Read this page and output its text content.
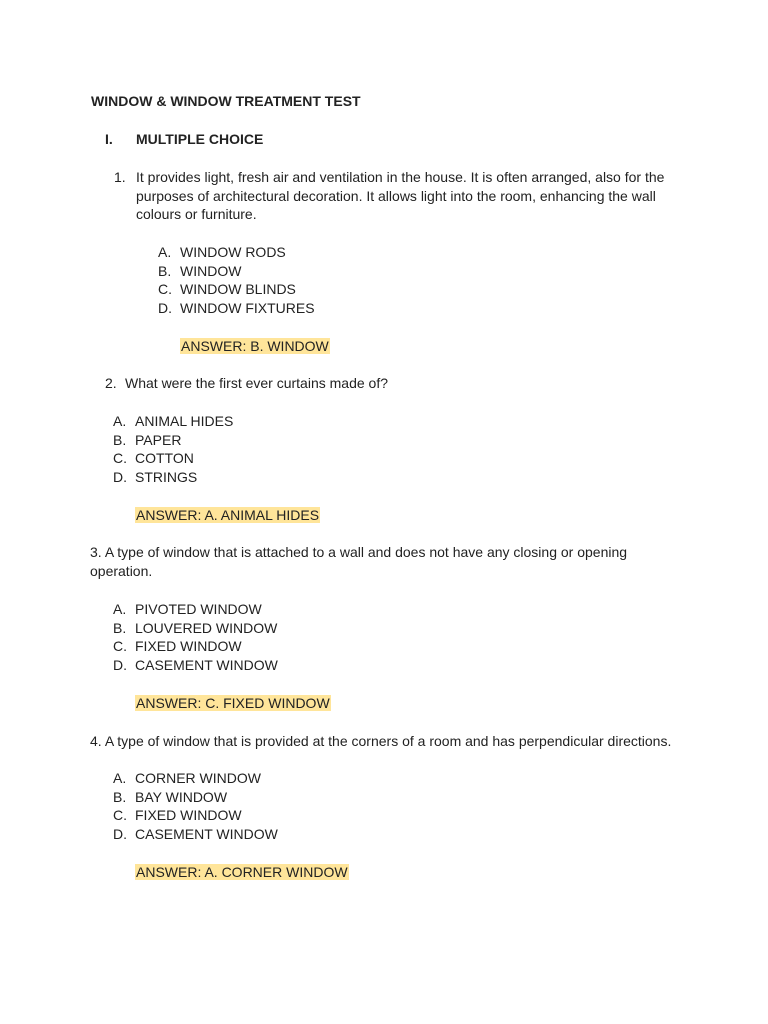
WINDOW & WINDOW TREATMENT TEST
I. MULTIPLE CHOICE
1. It provides light, fresh air and ventilation in the house. It is often arranged, also for the
purposes of architectural decoration. It allows light into the room, enhancing the wall
colours or furniture.
A. WINDOW RODS
B. WINDOW
C. WINDOW BLINDS
D. WINDOW FIXTURES
ANSWER: B. WINDOW
2. What were the first ever curtains made of?
A. ANIMAL HIDES
B. PAPER
C. COTTON
D. STRINGS
ANSWER: A. ANIMAL HIDES
3. A type of window that is attached to a wall and does not have any closing or opening
operation.
A. PIVOTED WINDOW
B. LOUVERED WINDOW
C. FIXED WINDOW
D. CASEMENT WINDOW
ANSWER: C. FIXED WINDOW
4. A type of window that is provided at the corners of a room and has perpendicular directions.
A. CORNER WINDOW
B. BAY WINDOW
C. FIXED WINDOW
D. CASEMENT WINDOW
ANSWER: A. CORNER WINDOW
